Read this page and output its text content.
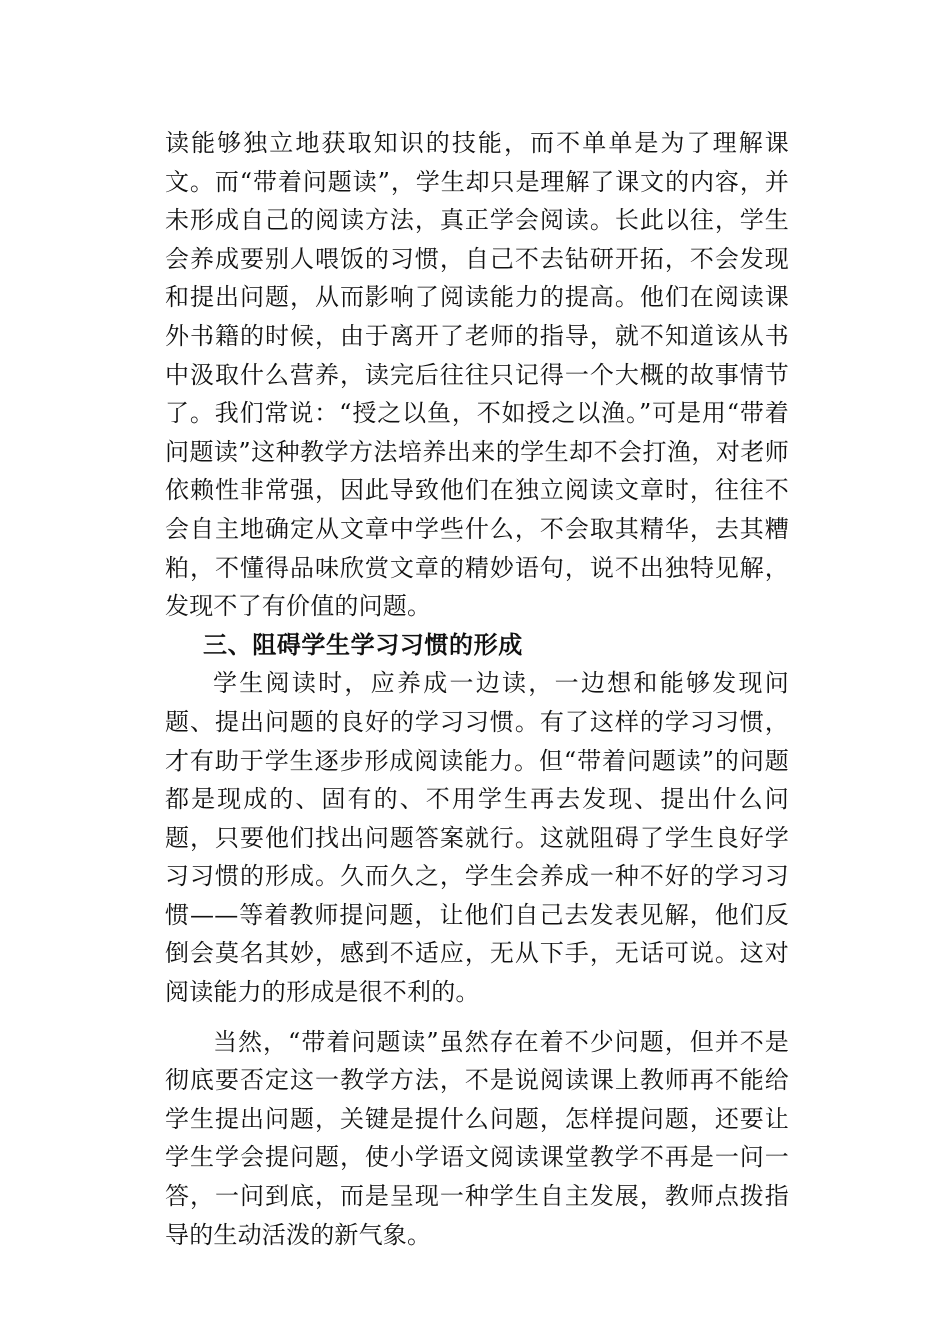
读能够独立地获取知识的技能，而不单单是为了理解课文。而“带着问题读”，学生却只是理解了课文的内容，并未形成自己的阅读方法，真正学会阅读。长此以往，学生会养成要别人喂饭的习惯，自己不去钻研开拓，不会发现和提出问题，从而影响了阅读能力的提高。他们在阅读课外书籍的时候，由于离开了老师的指导，就不知道该从书中汲取什么营养，读完后往往只记得一个大概的故事情节了。我们常说：“授之以鱼，不如授之以渔。”可是用“带着问题读”这种教学方法培养出来的学生却不会打渔，对老师依赖性非常强，因此导致他们在独立阅读文章时，往往不会自主地确定从文章中学些什么，不会取其精华，去其糟粕，不懂得品味欣赏文章的精妙语句，说不出独特见解，发现不了有价值的问题。

三、阻碍学生学习习惯的形成

学生阅读时，应养成一边读，一边想和能够发现问题、提出问题的良好的学习习惯。有了这样的学习习惯，才有助于学生逐步形成阅读能力。但“带着问题读”的问题都是现成的、固有的、不用学生再去发现、提出什么问题，只要他们找出问题答案就行。这就阻碍了学生良好学习习惯的形成。久而久之，学生会养成一种不好的学习习惯——等着教师提问题，让他们自己去发表见解，他们反倒会莫名其妙，感到不适应，无从下手，无话可说。这对阅读能力的形成是很不利的。

当然，“带着问题读”虽然存在着不少问题，但并不是彻底要否定这一教学方法，不是说阅读课上教师再不能给学生提出问题，关键是提什么问题，怎样提问题，还要让学生学会提问题，使小学语文阅读课堂教学不再是一问一答，一问到底，而是呈现一种学生自主发展，教师点拨指导的生动活泼的新气象。
